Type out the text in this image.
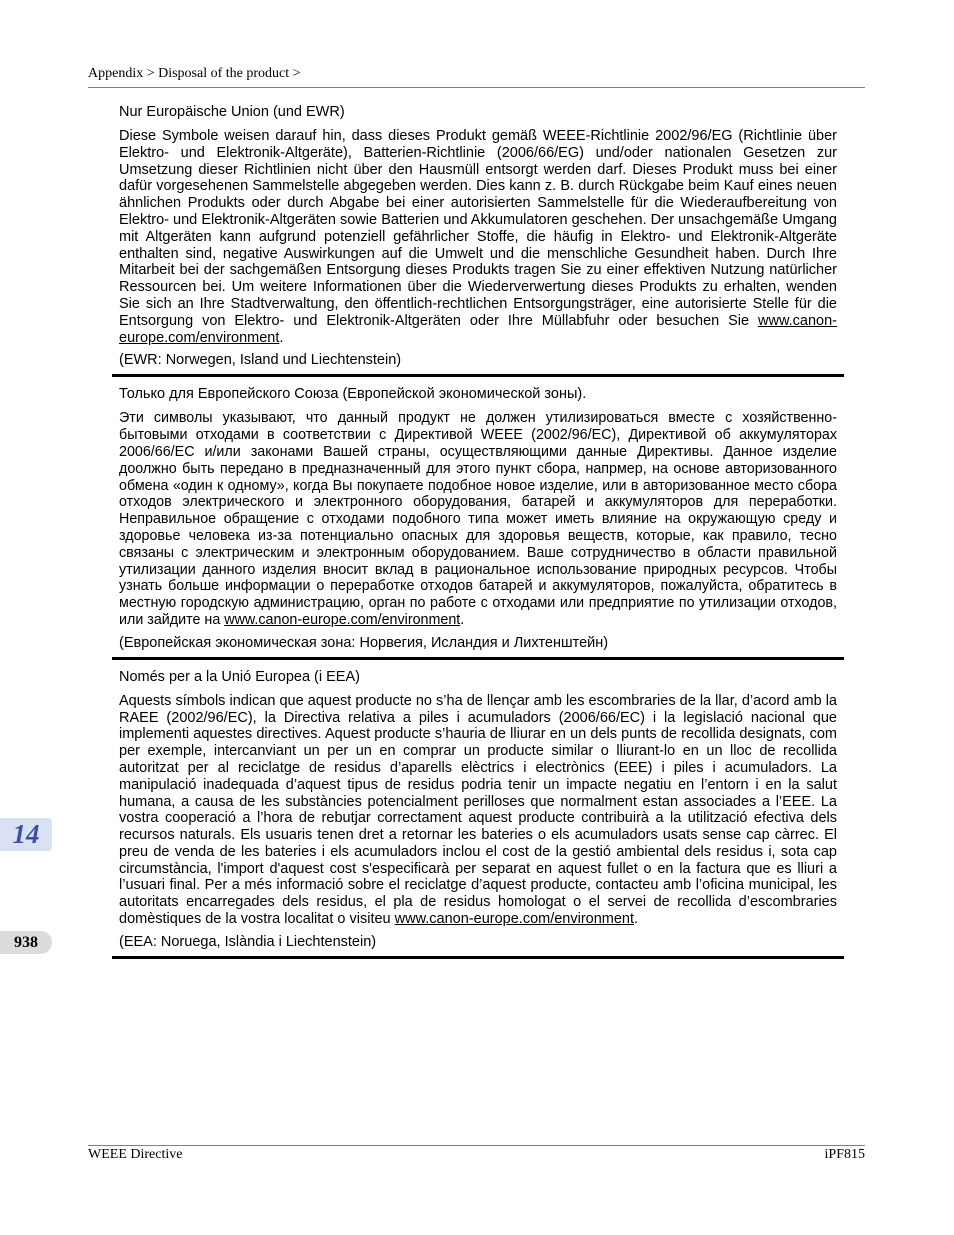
Appendix > Disposal of the product >
Nur Europäische Union (und EWR)

Diese Symbole weisen darauf hin, dass dieses Produkt gemäß WEEE-Richtlinie 2002/96/EG (Richtlinie über Elektro- und Elektronik-Altgeräte), Batterien-Richtlinie (2006/66/EG) und/oder nationalen Gesetzen zur Umsetzung dieser Richtlinien nicht über den Hausmüll entsorgt werden darf. Dieses Produkt muss bei einer dafür vorgesehenen Sammelstelle abgegeben werden. Dies kann z. B. durch Rückgabe beim Kauf eines neuen ähnlichen Produkts oder durch Abgabe bei einer autorisierten Sammelstelle für die Wiederaufbereitung von Elektro- und Elektronik-Altgeräten sowie Batterien und Akkumulatoren geschehen. Der unsachgemäße Umgang mit Altgeräten kann aufgrund potenziell gefährlicher Stoffe, die häufig in Elektro- und Elektronik-Altgeräte enthalten sind, negative Auswirkungen auf die Umwelt und die menschliche Gesundheit haben. Durch Ihre Mitarbeit bei der sachgemäßen Entsorgung dieses Produkts tragen Sie zu einer effektiven Nutzung natürlicher Ressourcen bei. Um weitere Informationen über die Wiederverwertung dieses Produkts zu erhalten, wenden Sie sich an Ihre Stadtverwaltung, den öffentlich-rechtlichen Entsorgungsträger, eine autorisierte Stelle für die Entsorgung von Elektro- und Elektronik-Altgeräten oder Ihre Müllabfuhr oder besuchen Sie www.canon-europe.com/environment.

(EWR: Norwegen, Island und Liechtenstein)
Только для Европейского Союза (Европейской экономической зоны).

Эти символы указывают, что данный продукт не должен утилизироваться вместе с хозяйственно-бытовыми отходами в соответствии с Директивой WEEE (2002/96/EC), Директивой об аккумуляторах 2006/66/EC и/или законами Вашей страны, осуществляющими данные Директивы. Данное изделие доолжно быть передано в предназначенный для этого пункт сбора, напрмер, на основе авторизованного обмена «один к одному», когда Вы покупаете подобное новое изделие, или в авторизованное место сбора отходов электрического и электронного оборудования, батарей и аккумуляторов для переработки. Неправильное обращение с отходами подобного типа может иметь влияние на окружающую среду и здоровье человека из-за потенциально опасных для здоровья веществ, которые, как правило, тесно связаны с электрическим и электронным оборудованием. Ваше сотрудничество в области правильной утилизации данного изделия вносит вклад в рациональное использование природных ресурсов. Чтобы узнать больше информации о переработке отходов батарей и аккумуляторов, пожалуйста, обратитесь в местную городскую администрацию, орган по работе с отходами или предприятие по утилизации отходов, или зайдите на www.canon-europe.com/environment.

(Европейская экономическая зона: Норвегия, Исландия и Лихтенштейн)
Només per a la Unió Europea (i EEA)

Aquests símbols indican que aquest producte no s’ha de llençar amb les escombraries de la llar, d’acord amb la RAEE (2002/96/EC), la Directiva relativa a piles i acumuladors (2006/66/EC) i la legislació nacional que implementi aquestes directives. Aquest producte s’hauria de lliurar en un dels punts de recollida designats, com per exemple, intercanviant un per un en comprar un producte similar o lliurant-lo en un lloc de recollida autoritzat per al reciclatge de residus d’aparells elèctrics i electrònics (EEE) i piles i acumuladors. La manipulació inadequada d’aquest tipus de residus podria tenir un impacte negatiu en l’entorn i en la salut humana, a causa de les substàncies potencialment perilloses que normalment estan associades a l’EEE. La vostra cooperació a l’hora de rebutjar correctament aquest producte contribuirà a la utilització efectiva dels recursos naturals. Els usuaris tenen dret a retornar les bateries o els acumuladors usats sense cap càrrec. El preu de venda de les bateries i els acumuladors inclou el cost de la gestió ambiental dels residus i, sota cap circumstància, l'import d'aquest cost s'especificarà per separat en aquest fullet o en la factura que es lliuri a l’usuari final. Per a més informació sobre el reciclatge d’aquest producte, contacteu amb l’oficina municipal, les autoritats encarregades dels residus, el pla de residus homologat o el servei de recollida d’escombraries domèstiques de la vostra localitat o visiteu www.canon-europe.com/environment.

(EEA: Noruega, Islàndia i Liechtenstein)
14
938
WEEE Directive	iPF815
